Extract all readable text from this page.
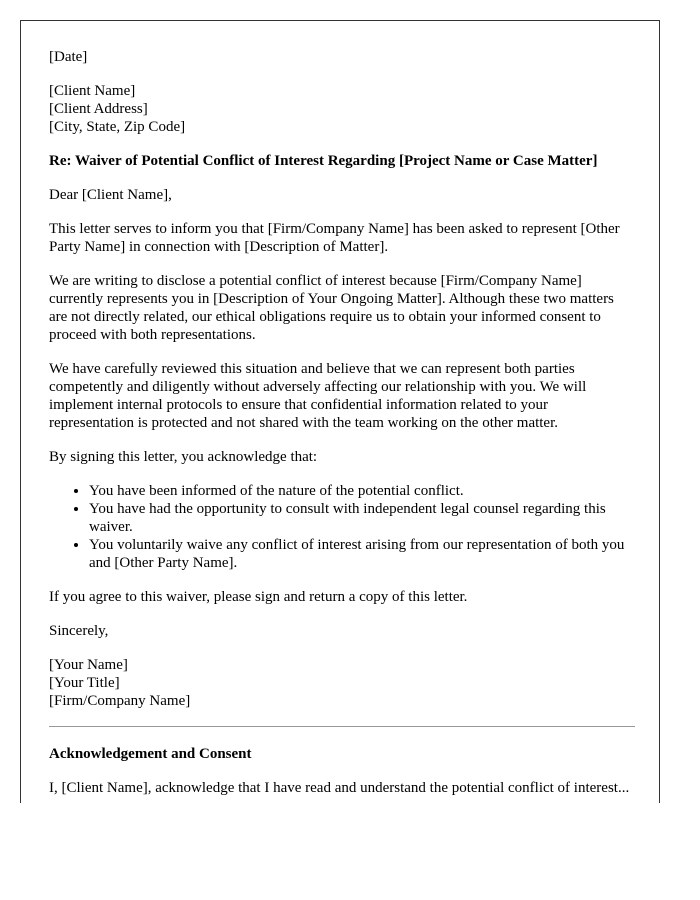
[Date]

[Client Name]

[Client Address]

[City, State, Zip Code]

Re: Waiver of Potential Conflict of Interest Regarding [Project Name or Case Matter]

Dear [Client Name],

This letter serves to inform you that [Firm/Company Name] has been asked to represent [Other Party Name] in connection with [Description of Matter].

We are writing to disclose a potential conflict of interest because [Firm/Company Name] currently represents you in [Description of Your Ongoing Matter]. Although these two matters are not directly related, our ethical obligations require us to obtain your informed consent to proceed with both representations.

We have carefully reviewed this situation and believe that we can represent both parties competently and diligently without adversely affecting our relationship with you. We will implement internal protocols to ensure that confidential information related to your representation is protected and not shared with the team working on the other matter.

By signing this letter, you acknowledge that:

• You have been informed of the nature of the potential conflict.
• You have had the opportunity to consult with independent legal counsel regarding this waiver.
• You voluntarily waive any conflict of interest arising from our representation of both you and [Other Party Name].

If you agree to this waiver, please sign and return a copy of this letter.

Sincerely,

[Your Name]

[Your Title]

[Firm/Company Name]

Acknowledgement and Consent

I, [Client Name], acknowledge that I have read and understand the potential conflict of interest...
